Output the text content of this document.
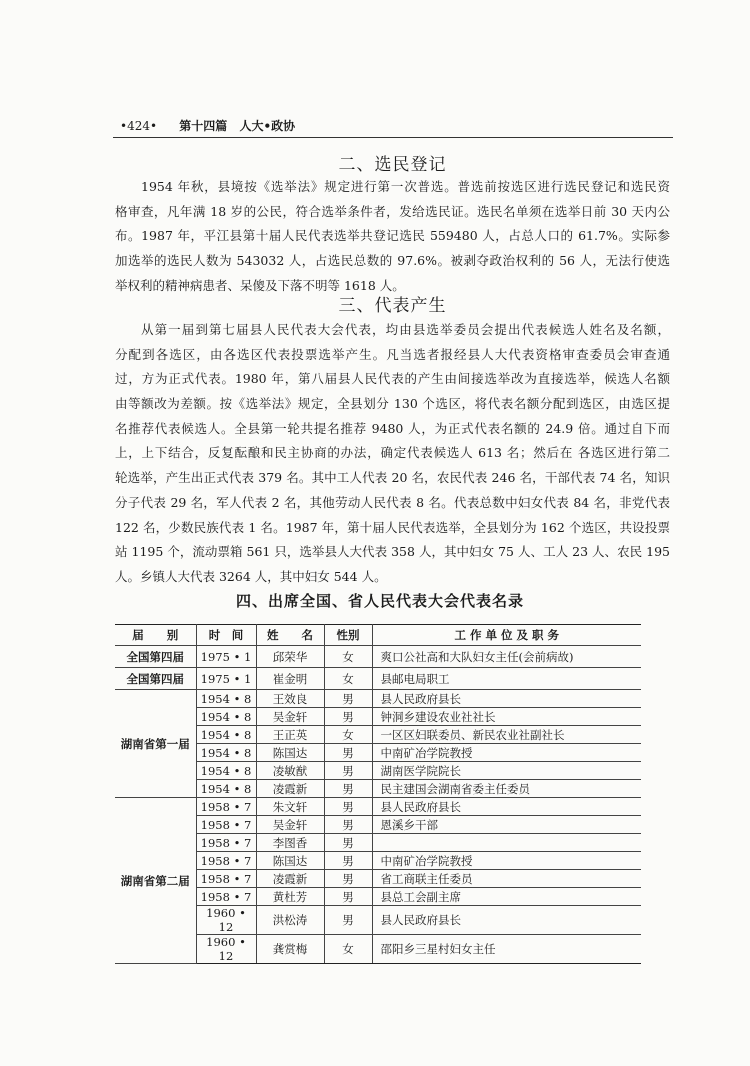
•424• 第十四篇 人大•政协
二、选民登记
1954 年秋，县境按《选举法》规定进行第一次普选。普选前按选区进行选民登记和选民资
格审查，凡年满 18 岁的公民，符合选举条件者，发给选民证。选民名单须在选举日前 30 天内公
布。1987 年，平江县第十届人民代表选举共登记选民 559480 人，占总人口的 61.7%。实际参
加选举的选民人数为 543032 人，占选民总数的 97.6%。被剥夺政治权利的 56 人，无法行使选
举权利的精神病患者、呆傻及下落不明等 1618 人。
三、代表产生
从第一届到第七届县人民代表大会代表，均由县选举委员会提出代表候选人姓名及名额，
分配到各选区，由各选区代表投票选举产生。凡当选者报经县人大代表资格审查委员会审查通
过，方为正式代表。1980 年，第八届县人民代表的产生由间接选举改为直接选举，候选人名额
由等额改为差额。按《选举法》规定，全县划分 130 个选区，将代表名额分配到选区，由选区提
名推荐代表候选人。全县第一轮共提名推荐 9480 人，为正式代表名额的 24.9 倍。通过自下而
上，上下结合，反复酝酿和民主协商的办法，确定代表候选人 613 名；然后在 各选区进行第二
轮选举，产生出正式代表 379 名。其中工人代表 20 名，农民代表 246 名，干部代表 74 名，知识
分子代表 29 名，军人代表 2 名，其他劳动人民代表 8 名。代表总数中妇女代表 84 名，非党代表
122 名，少数民族代表 1 名。1987 年，第十届人民代表选举，全县划分为 162 个选区，共设投票
站 1195 个，流动票箱 561 只，选举县人大代表 358 人，其中妇女 75 人、工人 23 人、农民 195
人。乡镇人大代表 3264 人，其中妇女 544 人。
四、出席全国、省人民代表大会代表名录
届　　别	时　间	姓　　名	性别	工 作 单 位 及 职 务
全国第四届	1975 • 1	邱荣华	女	爽口公社高和大队妇女主任(会前病故)
全国第四届	1975 • 1	崔金明	女	县邮电局职工
湖南省第一届	1954 • 8	王效良	男	县人民政府县长
	1954 • 8	吴金轩	男	钟洞乡建设农业社社长
	1954 • 8	王正英	女	一区区妇联委员、新民农业社副社长
	1954 • 8	陈国达	男	中南矿冶学院教授
	1954 • 8	凌敏猷	男	湖南医学院院长
	1954 • 8	凌霞新	男	民主建国会湖南省委主任委员
湖南省第二届	1958 • 7	朱文轩	男	县人民政府县长
	1958 • 7	吴金轩	男	恩溪乡干部
	1958 • 7	李图香	男	
	1958 • 7	陈国达	男	中南矿冶学院教授
	1958 • 7	凌霞新	男	省工商联主任委员
	1958 • 7	黄杜芳	男	县总工会副主席
	1960 • 12	洪松涛	男	县人民政府县长
	1960 • 12	龚赏梅	女	邵阳乡三星村妇女主任
